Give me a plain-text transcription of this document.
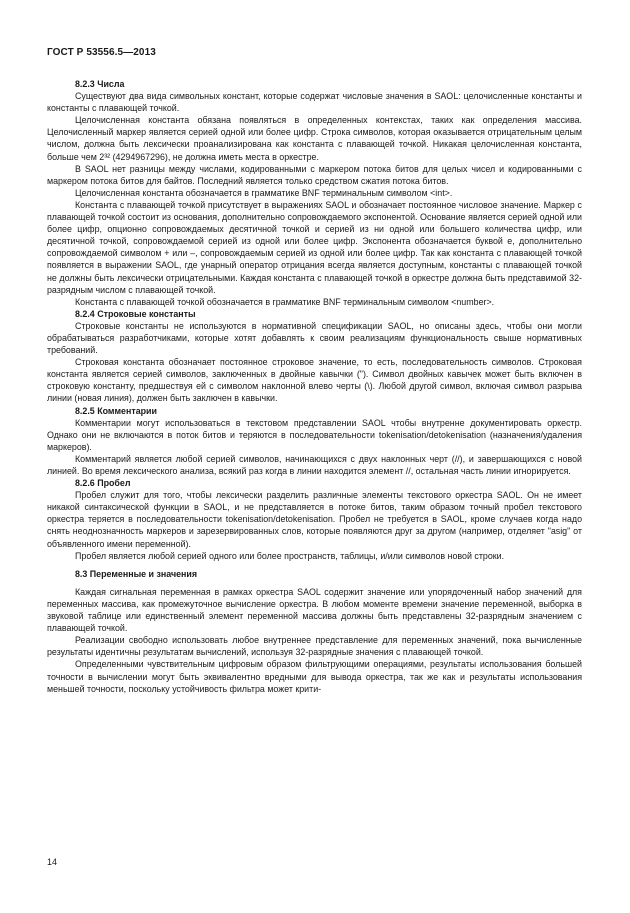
ГОСТ Р 53556.5—2013
8.2.3 Числа

Существуют два вида символьных констант, которые содержат числовые значения в SAOL: целочисленные константы и константы с плавающей точкой.

Целочисленная константа обязана появляться в определенных контекстах, таких как определения массива. Целочисленный маркер является серией одной или более цифр. Строка символов, которая оказывается отрицательным целым числом, должна быть лексически проанализирована как константа с плавающей точкой. Никакая целочисленная константа, больше чем 2³² (4294967296), не должна иметь места в оркестре.

В SAOL нет разницы между числами, кодированными с маркером потока битов для целых чисел и кодированными с маркером потока битов для байтов. Последний является только средством сжатия потока битов.

Целочисленная константа обозначается в грамматике BNF терминальным символом <int>.

Константа с плавающей точкой присутствует в выражениях SAOL и обозначает постоянное числовое значение. Маркер с плавающей точкой состоит из основания, дополнительно сопровождаемого экспонентой. Основание является серией одной или более цифр, опционно сопровождаемых десятичной точкой и серией из ни одной или большего количества цифр, или десятичной точкой, сопровождаемой серией из одной или более цифр. Экспонента обозначается буквой е, дополнительно сопровождаемой символом + или –, сопровождаемым серией из одной или более цифр. Так как константа с плавающей точкой появляется в выражении SAOL, где унарный оператор отрицания всегда является доступным, константы с плавающей точкой не должны быть лексически отрицательными. Каждая константа с плавающей точкой в оркестре должна быть представимой 32-разрядным числом с плавающей точкой.

Константа с плавающей точкой обозначается в грамматике BNF терминальным символом <number>.

8.2.4 Строковые константы

Строковые константы не используются в нормативной спецификации SAOL, но описаны здесь, чтобы они могли обрабатываться разработчиками, которые хотят добавлять к своим реализациям функциональность свыше нормативных требований.

Строковая константа обозначает постоянное строковое значение, то есть, последовательность символов. Строковая константа является серией символов, заключенных в двойные кавычки ("). Символ двойных кавычек может быть включен в строковую константу, предшествуя ей с символом наклонной влево черты (\). Любой другой символ, включая символ разрыва линии (новая линия), должен быть заключен в кавычки.

8.2.5 Комментарии

Комментарии могут использоваться в текстовом представлении SAOL чтобы внутренне документировать оркестр. Однако они не включаются в поток битов и теряются в последовательности tokenisation/detokenisation (назначения/удаления маркеров).

Комментарий является любой серией символов, начинающихся с двух наклонных черт (//), и завершающихся с новой линией. Во время лексического анализа, всякий раз когда в линии находится элемент //, остальная часть линии игнорируется.

8.2.6 Пробел

Пробел служит для того, чтобы лексически разделить различные элементы текстового оркестра SAOL. Он не имеет никакой синтаксической функции в SAOL, и не представляется в потоке битов, таким образом точный пробел текстового оркестра теряется в последовательности tokenisation/detokenisation. Пробел не требуется в SAOL, кроме случаев когда надо снять неоднозначность маркеров и зарезервированных слов, которые появляются друг за другом (например, отделяет "asig" от объявленного имени переменной).

Пробел является любой серией одного или более пространств, таблицы, и/или символов новой строки.

8.3 Переменные и значения

Каждая сигнальная переменная в рамках оркестра SAOL содержит значение или упорядоченный набор значений для переменных массива, как промежуточное вычисление оркестра. В любом моменте времени значение переменной, выборка в звуковой таблице или единственный элемент переменной массива должны быть представлены 32-разрядным значением с плавающей точкой.

Реализации свободно использовать любое внутреннее представление для переменных значений, пока вычисленные результаты идентичны результатам вычислений, используя 32-разрядные значения с плавающей точкой.

Определенными чувствительным цифровым образом фильтрующими операциями, результаты использования большей точности в вычислении могут быть эквивалентно вредными для вывода оркестра, так же как и результаты использования меньшей точности, поскольку устойчивость фильтра может крити-

14
